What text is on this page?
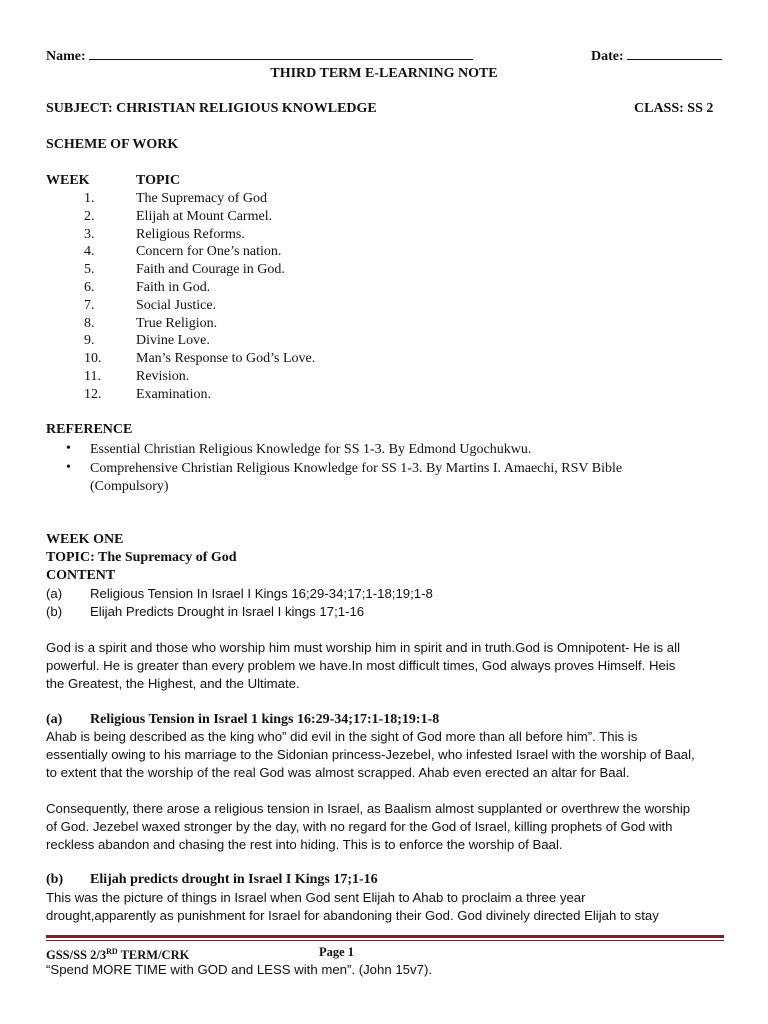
Name:	Date:
THIRD TERM E-LEARNING NOTE
SUBJECT: CHRISTIAN RELIGIOUS KNOWLEDGE	CLASS: SS 2
SCHEME OF WORK
WEEK	TOPIC
1.	The Supremacy of God
2.	Elijah at Mount Carmel.
3.	Religious Reforms.
4.	Concern for One’s nation.
5.	Faith and Courage in God.
6.	Faith in God.
7.	Social Justice.
8.	True Religion.
9.	Divine Love.
10. Man’s Response to God’s Love.
11.	Revision.
12. Examination.
REFERENCE
• Essential Christian Religious Knowledge for SS 1-3. By Edmond Ugochukwu.
• Comprehensive Christian Religious Knowledge for SS 1-3. By Martins I. Amaechi, RSV Bible
(Compulsory)
WEEK ONE
TOPIC: The Supremacy of God
CONTENT
(a) Religious Tension In Israel I Kings 16;29-34;17;1-18;19;1-8
(b) Elijah Predicts Drought in Israel I kings 17;1-16
God is a spirit and those who worship him must worship him in spirit and in truth.God is Omnipotent- He is all
powerful. He is greater than every problem we have.In most difficult times, God always proves Himself. Heis
the Greatest, the Highest, and the Ultimate.
(a) Religious Tension in Israel 1 kings 16:29-34;17:1-18;19:1-8
Ahab is being described as the king who” did evil in the sight of God more than all before him”. This is
essentially owing to his marriage to the Sidonian princess-Jezebel, who infested Israel with the worship of Baal,
to extent that the worship of the real God was almost scrapped. Ahab even erected an altar for Baal.
Consequently, there arose a religious tension in Israel, as Baalism almost supplanted or overthrew the worship
of God. Jezebel waxed stronger by the day, with no regard for the God of Israel, killing prophets of God with
reckless abandon and chasing the rest into hiding. This is to enforce the worship of Baal.
(b) Elijah predicts drought in Israel I Kings 17;1-16
This was the picture of things in Israel when God sent Elijah to Ahab to proclaim a three year
drought,apparently as punishment for Israel for abandoning their God. God divinely directed Elijah to stay
GSS/SS 2/3RD TERM/CRK	Page 1
“Spend MORE TIME with GOD and LESS with men”. (John 15v7).
